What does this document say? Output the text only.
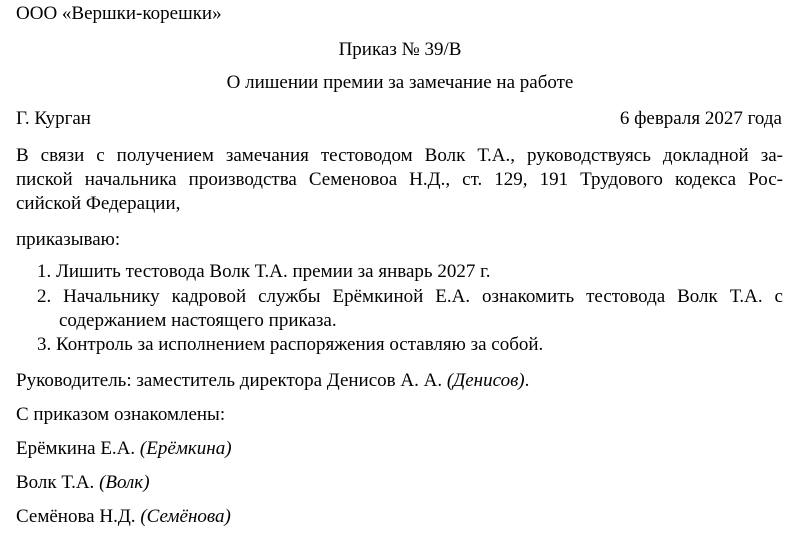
ООО «Вершки-корешки»
Приказ № 39/В
О лишении премии за замечание на работе
Г. Курган	6 февраля 2027 года
В связи с получением замечания тестоводом Волк Т.А., руководствуясь докладной за-
пиской начальника производства Семеновоа Н.Д., ст. 129, 191 Трудового кодекса Рос-
сийской Федерации,
приказываю:
1. Лишить тестовода Волк Т.А. премии за январь 2027 г.
2. Начальнику кадровой службы Ерёмкиной Е.А. ознакомить тестовода Волк Т.А. с
содержанием настоящего приказа.
3. Контроль за исполнением распоряжения оставляю за собой.
Руководитель: заместитель директора Денисов А. А. (Денисов).
С приказом ознакомлены:
Ерёмкина Е.А. (Ерёмкина)
Волк Т.А. (Волк)
Семёнова Н.Д. (Семёнова)
